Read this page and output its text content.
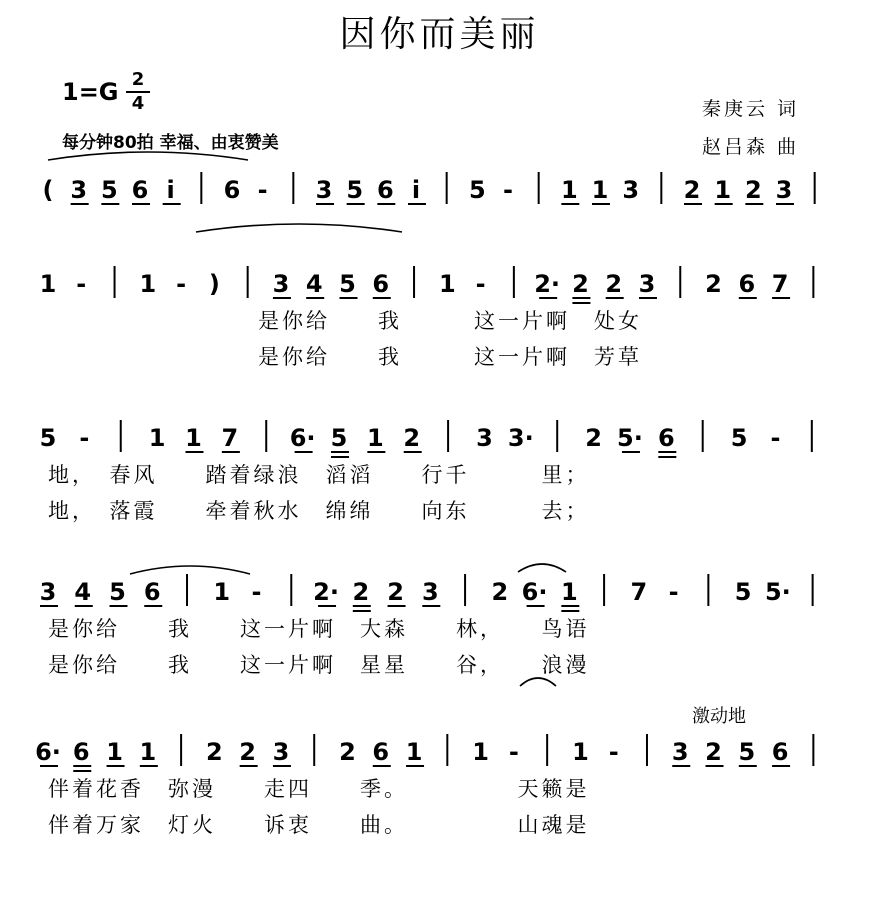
因你而美丽
1=G 2
4
每分钟80拍 幸福、由衷赞美
秦庚云 词
赵吕森 曲
( 3 5 6 i 6 - 3 5 6 i 5 - 1 1 3 2 1 2 3
1 - 1 - ) 3 4 5 6 1 - 2· 2 2 3 2 6 7
是你给　　我　　　这一片啊　处女
是你给　　我　　　这一片啊　芳草
5 - 1 1 7 6· 5 1 2 3 3· 2 5· 6 5 -
地，　春风　　踏着绿浪　滔滔　　行千　　　里；
地，　落霞　　牵着秋水　绵绵　　向东　　　去；
3 4 5 6 1 - 2· 2 2 3 2 6· 1 7 - 5 5·
是你给　　我　　这一片啊　大森　　林，　　鸟语
是你给　　我　　这一片啊　星星　　谷，　　浪漫
6· 6 1 1 2 2 3 2 6 1 1 - 1 - 3 2 5 6
伴着花香　弥漫　　走四　　季。　　　　　天籁是
伴着万家　灯火　　诉衷　　曲。　　　　　山魂是
激动地
